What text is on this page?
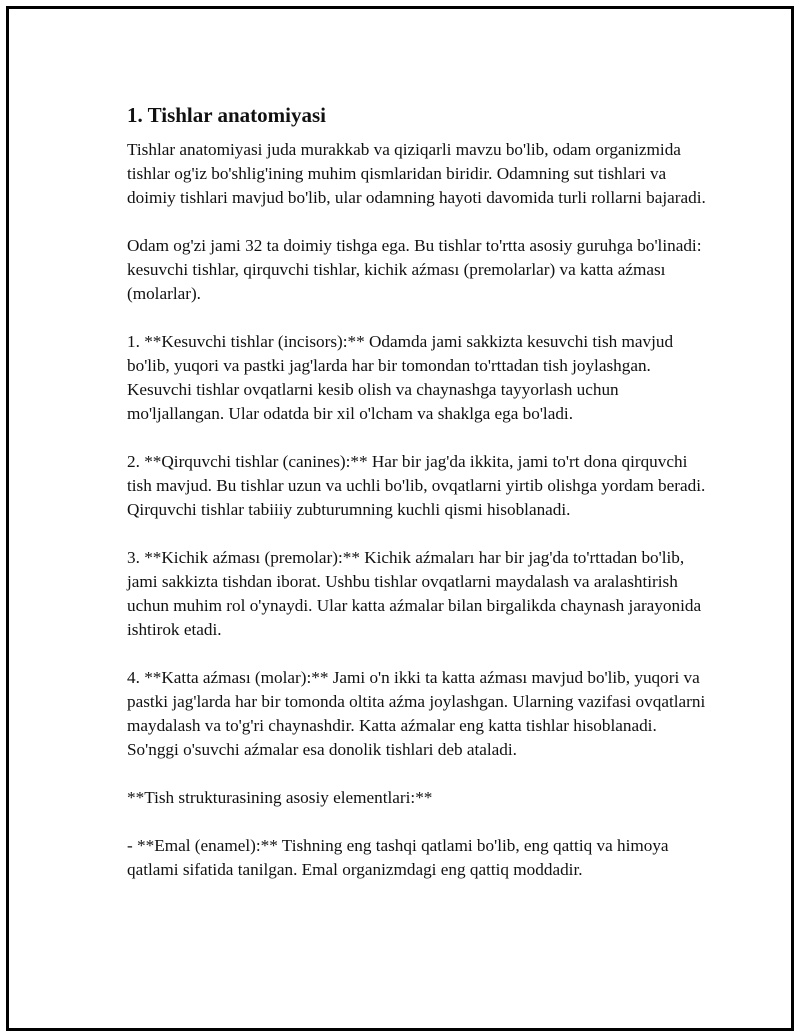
1. Tishlar anatomiyasi

Tishlar anatomiyasi juda murakkab va qiziqarli mavzu bo'lib, odam organizmida tishlar og'iz bo'shlig'ining muhim qismlaridan biridir. Odamning sut tishlari va doimiy tishlari mavjud bo'lib, ular odamning hayoti davomida turli rollarni bajaradi.

Odam og'zi jami 32 ta doimiy tishga ega. Bu tishlar to'rtta asosiy guruhga bo'linadi: kesuvchi tishlar, qirquvchi tishlar, kichik aźması (premolarlar) va katta aźması (molarlar).

1. **Kesuvchi tishlar (incisors):** Odamda jami sakkizta kesuvchi tish mavjud bo'lib, yuqori va pastki jag'larda har bir tomondan to'rttadan tish joylashgan. Kesuvchi tishlar ovqatlarni kesib olish va chaynashga tayyorlash uchun mo'ljallangan. Ular odatda bir xil o'lcham va shaklga ega bo'ladi.

2. **Qirquvchi tishlar (canines):** Har bir jag'da ikkita, jami to'rt dona qirquvchi tish mavjud. Bu tishlar uzun va uchli bo'lib, ovqatlarni yirtib olishga yordam beradi. Qirquvchi tishlar tabiiiy zubturumning kuchli qismi hisoblanadi.

3. **Kichik aźması (premolar):** Kichik aźmaları har bir jag'da to'rttadan bo'lib, jami sakkizta tishdan iborat. Ushbu tishlar ovqatlarni maydalash va aralashtirish uchun muhim rol o'ynaydi. Ular katta aźmalar bilan birgalikda chaynash jarayonida ishtirok etadi.

4. **Katta aźması (molar):** Jami o'n ikki ta katta aźması mavjud bo'lib, yuqori va pastki jag'larda har bir tomonda oltita aźma joylashgan. Ularning vazifasi ovqatlarni maydalash va to'g'ri chaynashdir. Katta aźmalar eng katta tishlar hisoblanadi. So'nggi o'suvchi aźmalar esa donolik tishlari deb ataladi.

**Tish strukturasining asosiy elementlari:**

- **Emal (enamel):** Tishning eng tashqi qatlami bo'lib, eng qattiq va himoya qatlami sifatida tanilgan. Emal organizmdagi eng qattiq moddadir.
